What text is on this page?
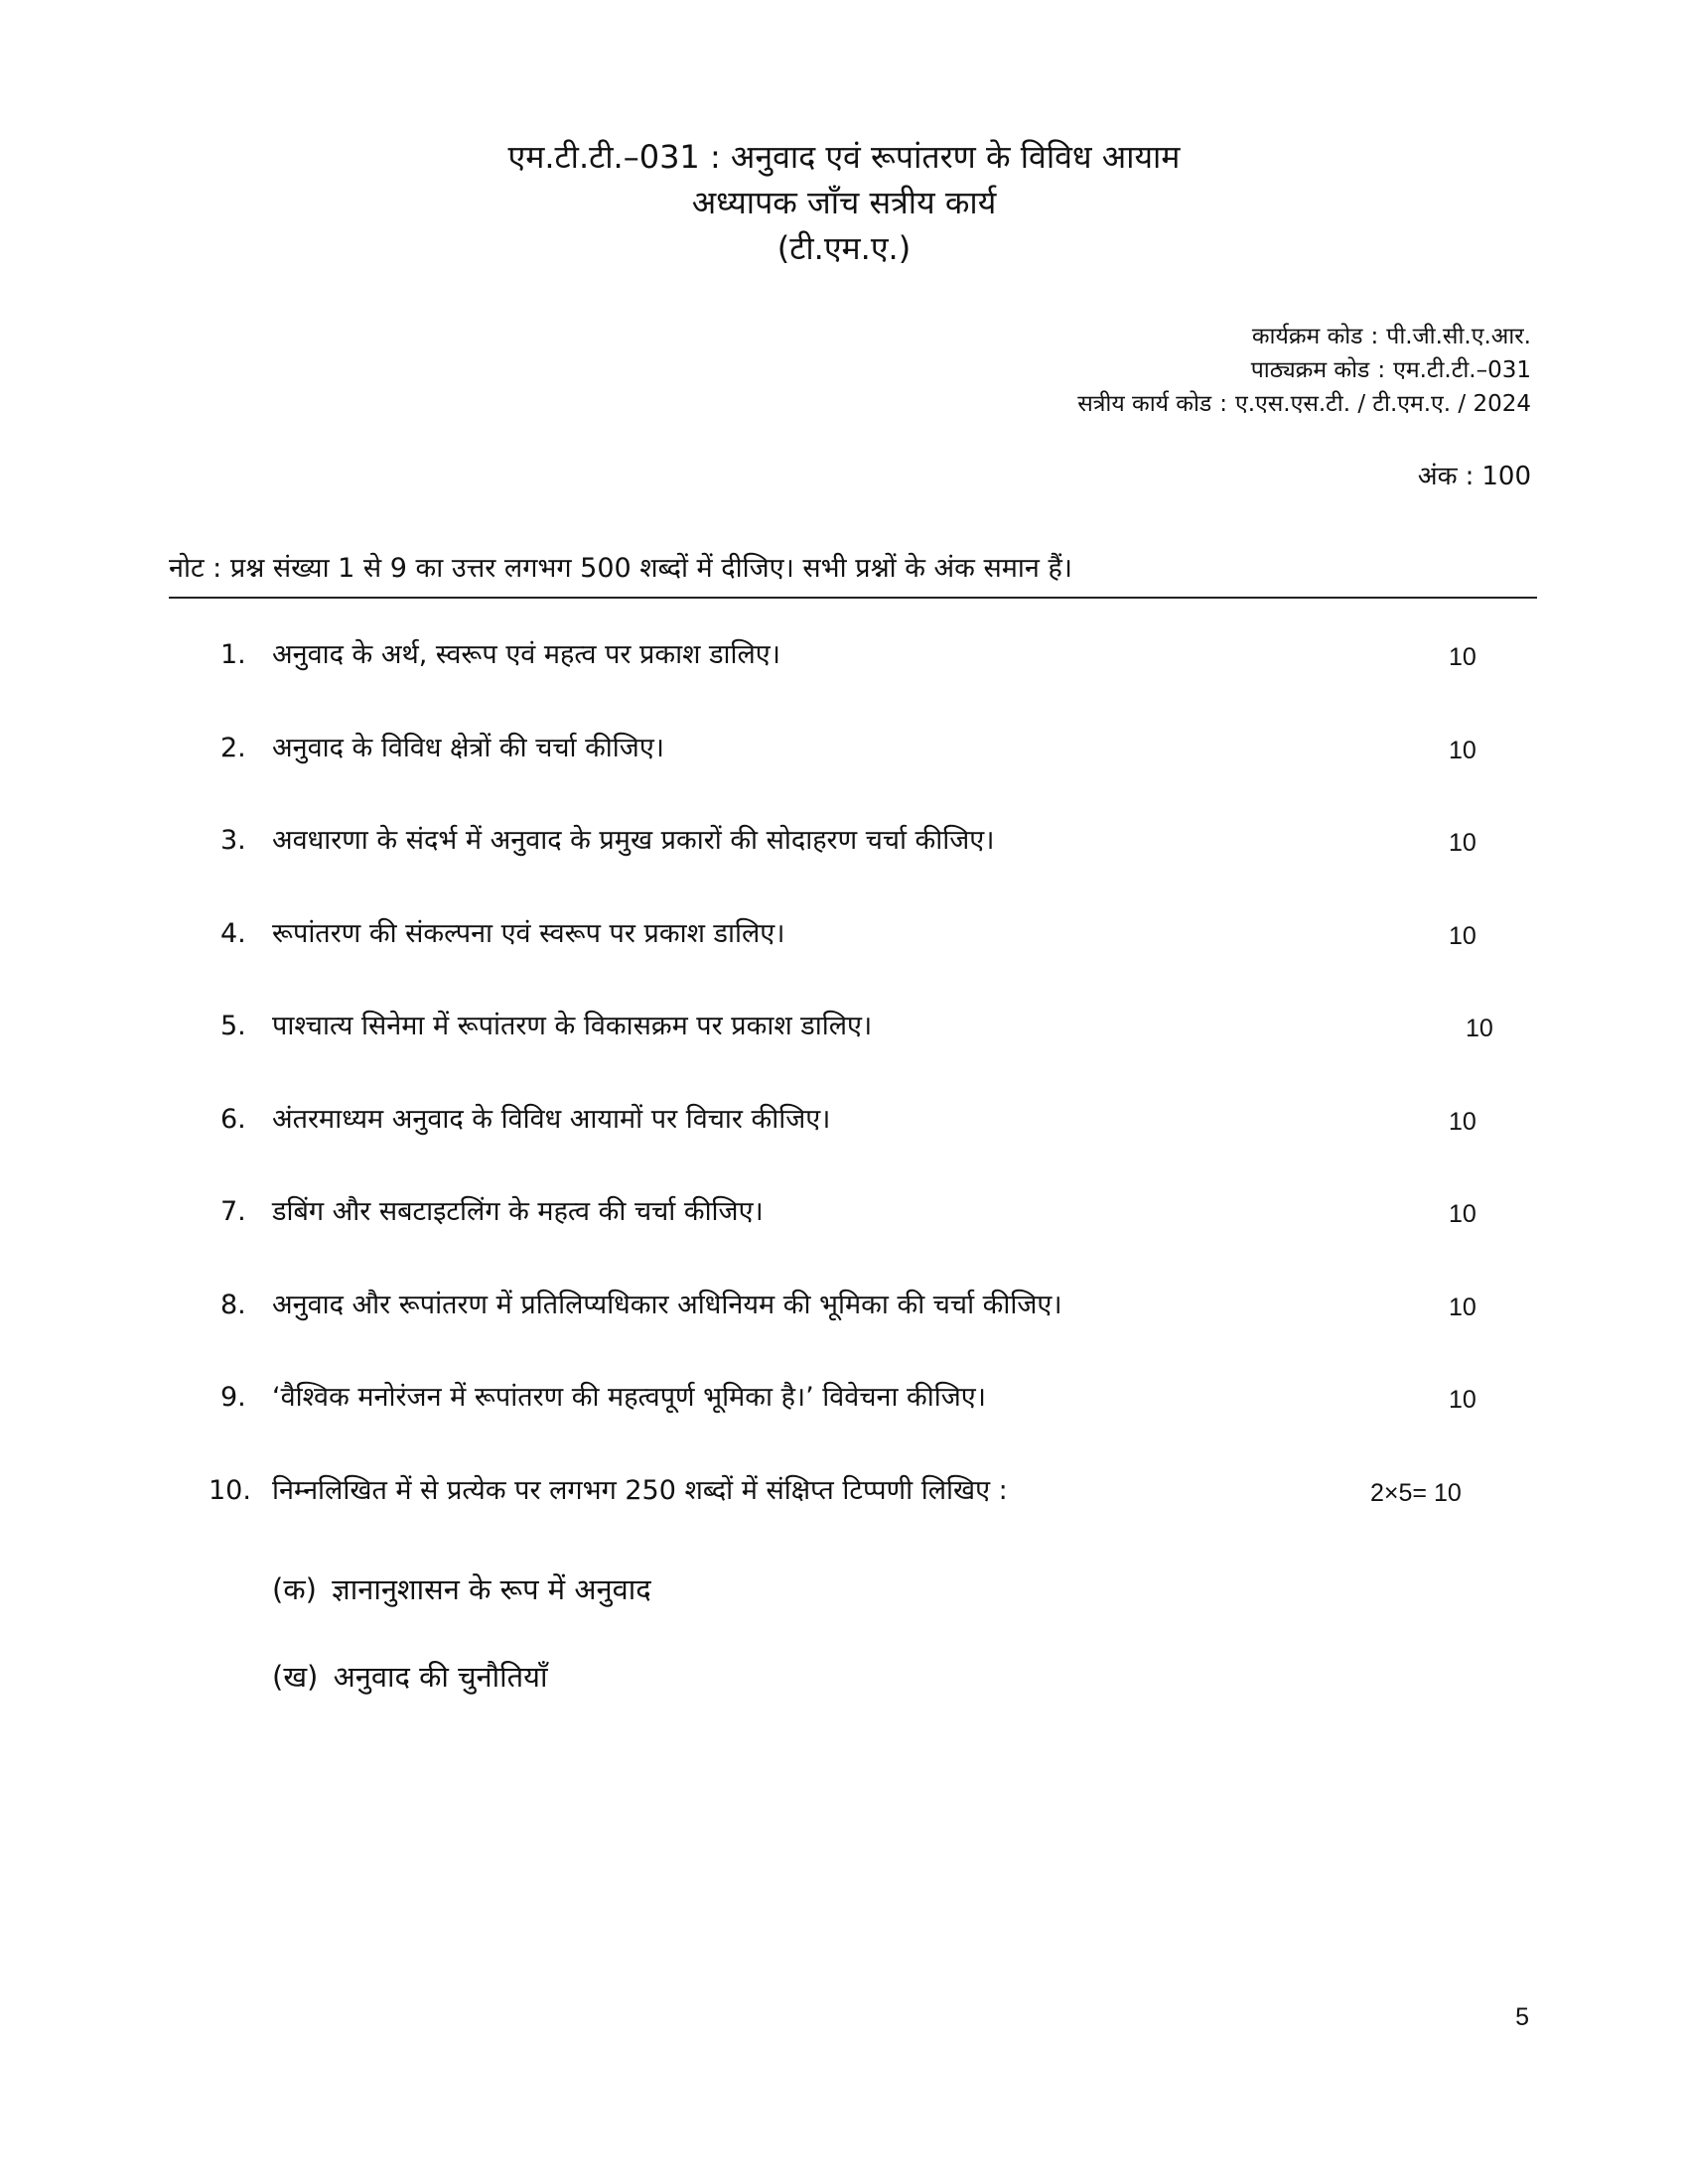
एम.टी.टी.–031 : अनुवाद एवं रूपांतरण के विविध आयाम
अध्यापक जाँच सत्रीय कार्य
(टी.एम.ए.)
कार्यक्रम कोड : पी.जी.सी.ए.आर.
पाठ्यक्रम कोड : एम.टी.टी.–031
सत्रीय कार्य कोड : ए.एस.एस.टी. / टी.एम.ए. / 2024
अंक : 100
नोट : प्रश्न संख्या 1 से 9 का उत्तर लगभग 500 शब्दों में दीजिए। सभी प्रश्नों के अंक समान हैं।
1. अनुवाद के अर्थ, स्वरूप एवं महत्व पर प्रकाश डालिए।	10
2. अनुवाद के विविध क्षेत्रों की चर्चा कीजिए।	10
3. अवधारणा के संदर्भ में अनुवाद के प्रमुख प्रकारों की सोदाहरण चर्चा कीजिए।	10
4. रूपांतरण की संकल्पना एवं स्वरूप पर प्रकाश डालिए।	10
5. पाश्चात्य सिनेमा में रूपांतरण के विकासक्रम पर प्रकाश डालिए।	10
6. अंतरमाध्यम अनुवाद के विविध आयामों पर विचार कीजिए।	10
7. डबिंग और सबटाइटलिंग के महत्व की चर्चा कीजिए।	10
8. अनुवाद और रूपांतरण में प्रतिलिप्यधिकार अधिनियम की भूमिका की चर्चा कीजिए।	10
9. ‘वैश्विक मनोरंजन में रूपांतरण की महत्वपूर्ण भूमिका है।’ विवेचना कीजिए।	10
10. निम्नलिखित में से प्रत्येक पर लगभग 250 शब्दों में संक्षिप्त टिप्पणी लिखिए :	2×5= 10
(क) ज्ञानानुशासन के रूप में अनुवाद
(ख) अनुवाद की चुनौतियाँ
5
